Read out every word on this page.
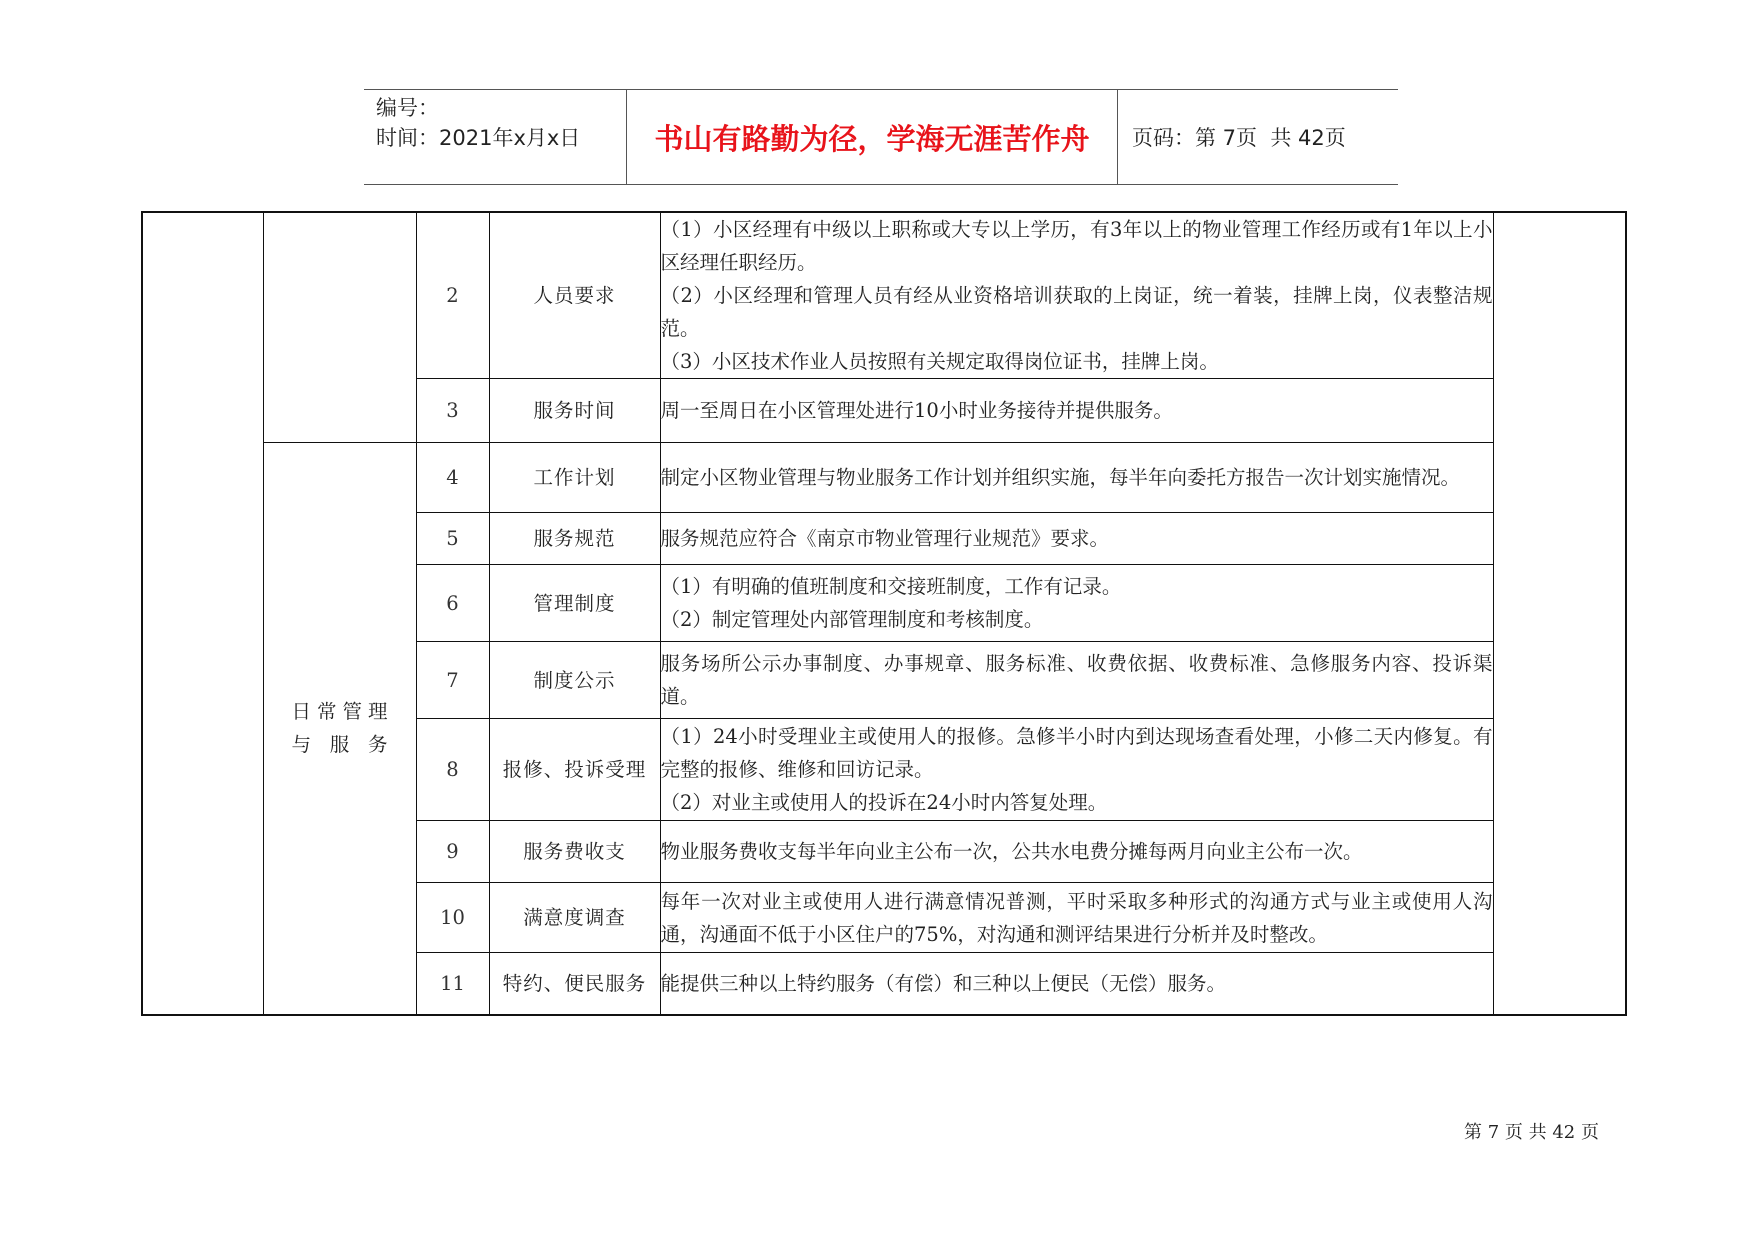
编号：
时间：2021年x月x日	书山有路勤为径，学海无涯苦作舟	页码：第 7页  共 42页
		2	人员要求	（1）小区经理有中级以上职称或大专以上学历，有3年以上的物业管理工作经历或有1年以上小区经理任职经历。
（2）小区经理和管理人员有经从业资格培训获取的上岗证，统一着装，挂牌上岗，仪表整洁规范。
（3）小区技术作业人员按照有关规定取得岗位证书，挂牌上岗。	

		3	服务时间	周一至周日在小区管理处进行10小时业务接待并提供服务。	

	日常管理与服务	4	工作计划	制定小区物业管理与物业服务工作计划并组织实施，每半年向委托方报告一次计划实施情况。	

		5	服务规范	服务规范应符合《南京市物业管理行业规范》要求。	

		6	管理制度	（1）有明确的值班制度和交接班制度，工作有记录。
（2）制定管理处内部管理制度和考核制度。	

		7	制度公示	服务场所公示办事制度、办事规章、服务标准、收费依据、收费标准、急修服务内容、投诉渠道。	

		8	报修、投诉受理	（1）24小时受理业主或使用人的报修。急修半小时内到达现场查看处理，小修二天内修复。有完整的报修、维修和回访记录。
（2）对业主或使用人的投诉在24小时内答复处理。	

		9	服务费收支	物业服务费收支每半年向业主公布一次，公共水电费分摊每两月向业主公布一次。	

		10	满意度调查	每年一次对业主或使用人进行满意情况普测，平时采取多种形式的沟通方式与业主或使用人沟通，沟通面不低于小区住户的75%，对沟通和测评结果进行分析并及时整改。	

		11	特约、便民服务	能提供三种以上特约服务（有偿）和三种以上便民（无偿）服务。	
第 7 页 共 42 页
